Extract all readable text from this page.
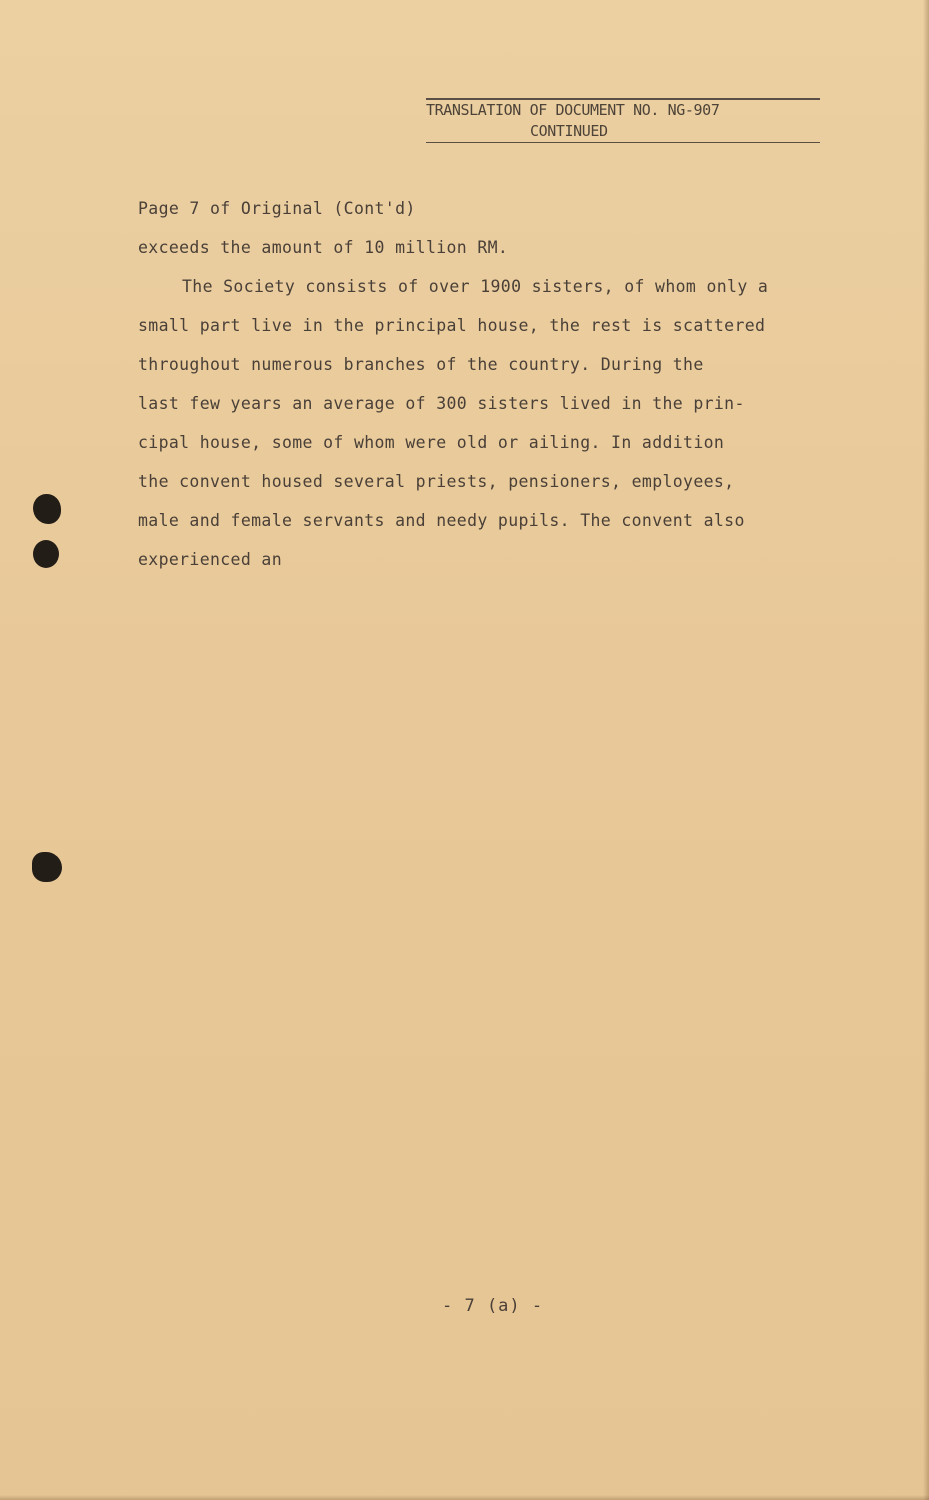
TRANSLATION OF DOCUMENT NO. NG-907
CONTINUED
Page 7 of Original (Cont'd)
exceeds the amount of 10 million RM.
The Society consists of over 1900 sisters, of whom only a
small part live in the principal house, the rest is scattered
throughout numerous branches of the country. During the
last few years an average of 300 sisters lived in the prin-
cipal house, some of whom were old or ailing. In addition
the convent housed several priests, pensioners, employees,
male and female servants and needy pupils. The convent also
experienced an
- 7 (a) -
